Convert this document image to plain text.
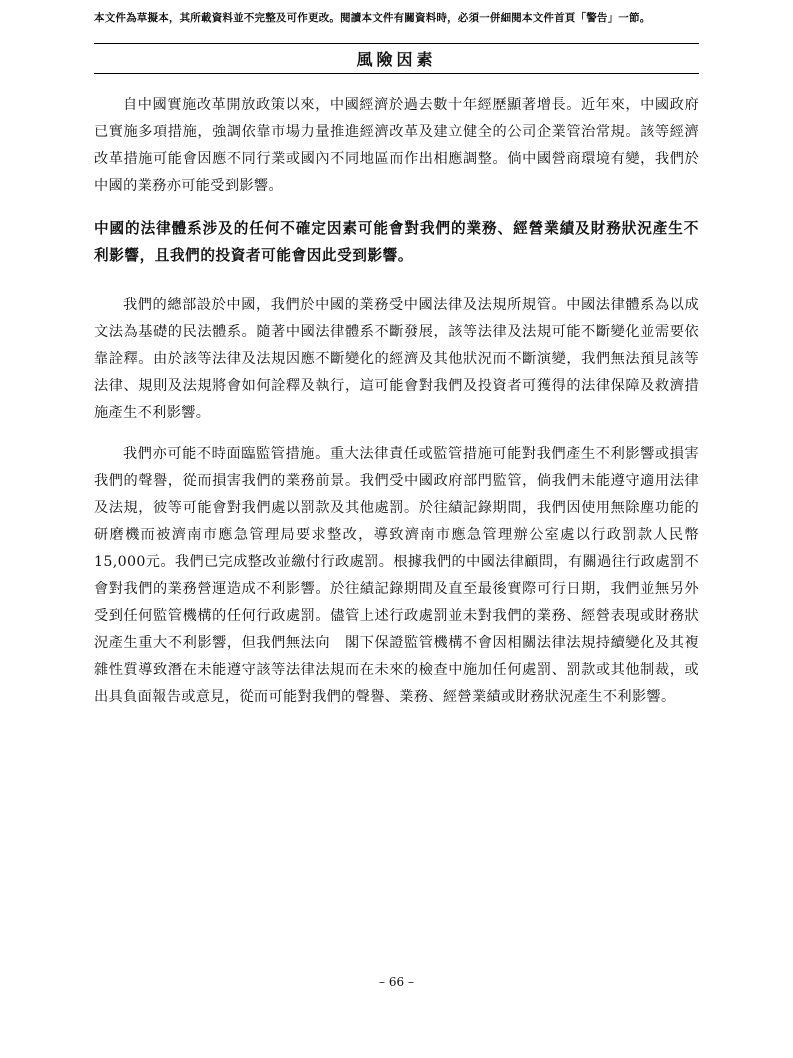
本文件為草擬本，其所載資料並不完整及可作更改。閱讀本文件有關資料時，必須一併細閱本文件首頁「警告」一節。
風險因素

自中國實施改革開放政策以來，中國經濟於過去數十年經歷顯著增長。近年來，中國政府已實施多項措施，強調依靠市場力量推進經濟改革及建立健全的公司企業管治常規。該等經濟改革措施可能會因應不同行業或國內不同地區而作出相應調整。倘中國營商環境有變，我們於中國的業務亦可能受到影響。

中國的法律體系涉及的任何不確定因素可能會對我們的業務、經營業績及財務狀況產生不利影響，且我們的投資者可能會因此受到影響。

我們的總部設於中國，我們於中國的業務受中國法律及法規所規管。中國法律體系為以成文法為基礎的民法體系。隨著中國法律體系不斷發展，該等法律及法規可能不斷變化並需要依靠詮釋。由於該等法律及法規因應不斷變化的經濟及其他狀況而不斷演變，我們無法預見該等法律、規則及法規將會如何詮釋及執行，這可能會對我們及投資者可獲得的法律保障及救濟措施產生不利影響。

我們亦可能不時面臨監管措施。重大法律責任或監管措施可能對我們產生不利影響或損害我們的聲譽，從而損害我們的業務前景。我們受中國政府部門監管，倘我們未能遵守適用法律及法規，彼等可能會對我們處以罰款及其他處罰。於往績記錄期間，我們因使用無除塵功能的研磨機而被濟南市應急管理局要求整改，導致濟南市應急管理辦公室處以行政罰款人民幣15,000元。我們已完成整改並繳付行政處罰。根據我們的中國法律顧問，有關過往行政處罰不會對我們的業務營運造成不利影響。於往績記錄期間及直至最後實際可行日期，我們並無另外受到任何監管機構的任何行政處罰。儘管上述行政處罰並未對我們的業務、經營表現或財務狀況產生重大不利影響，但我們無法向　閣下保證監管機構不會因相關法律法規持續變化及其複雜性質導致潛在未能遵守該等法律法規而在未來的檢查中施加任何處罰、罰款或其他制裁，或出具負面報告或意見，從而可能對我們的聲譽、業務、經營業績或財務狀況產生不利影響。

– 66 –
